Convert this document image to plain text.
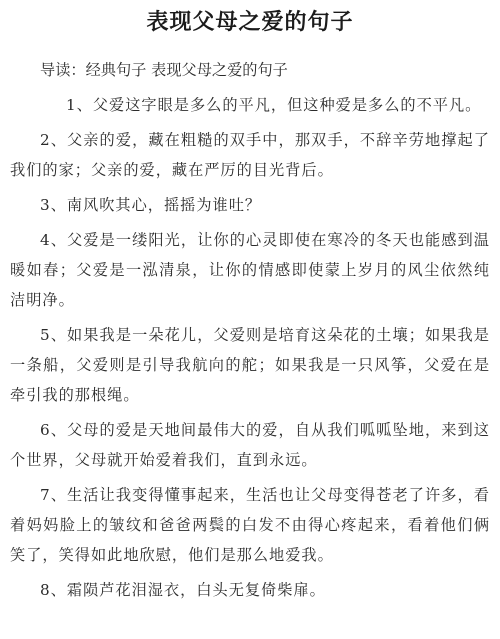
表现父母之爱的句子

导读：经典句子 表现父母之爱的句子

1、父爱这字眼是多么的平凡，但这种爱是多么的不平凡。

2、父亲的爱，藏在粗糙的双手中，那双手，不辞辛劳地撑起了我们的家；父亲的爱，藏在严厉的目光背后。

3、南风吹其心，摇摇为谁吐？

4、父爱是一缕阳光，让你的心灵即使在寒冷的冬天也能感到温暖如春；父爱是一泓清泉，让你的情感即使蒙上岁月的风尘依然纯洁明净。

5、如果我是一朵花儿，父爱则是培育这朵花的土壤；如果我是一条船，父爱则是引导我航向的舵；如果我是一只风筝，父爱在是牵引我的那根绳。

6、父母的爱是天地间最伟大的爱，自从我们呱呱坠地，来到这个世界，父母就开始爱着我们，直到永远。

7、生活让我变得懂事起来，生活也让父母变得苍老了许多，看着妈妈脸上的皱纹和爸爸两鬓的白发不由得心疼起来，看着他们俩笑了，笑得如此地欣慰，他们是那么地爱我。

8、霜陨芦花泪湿衣，白头无复倚柴扉。
